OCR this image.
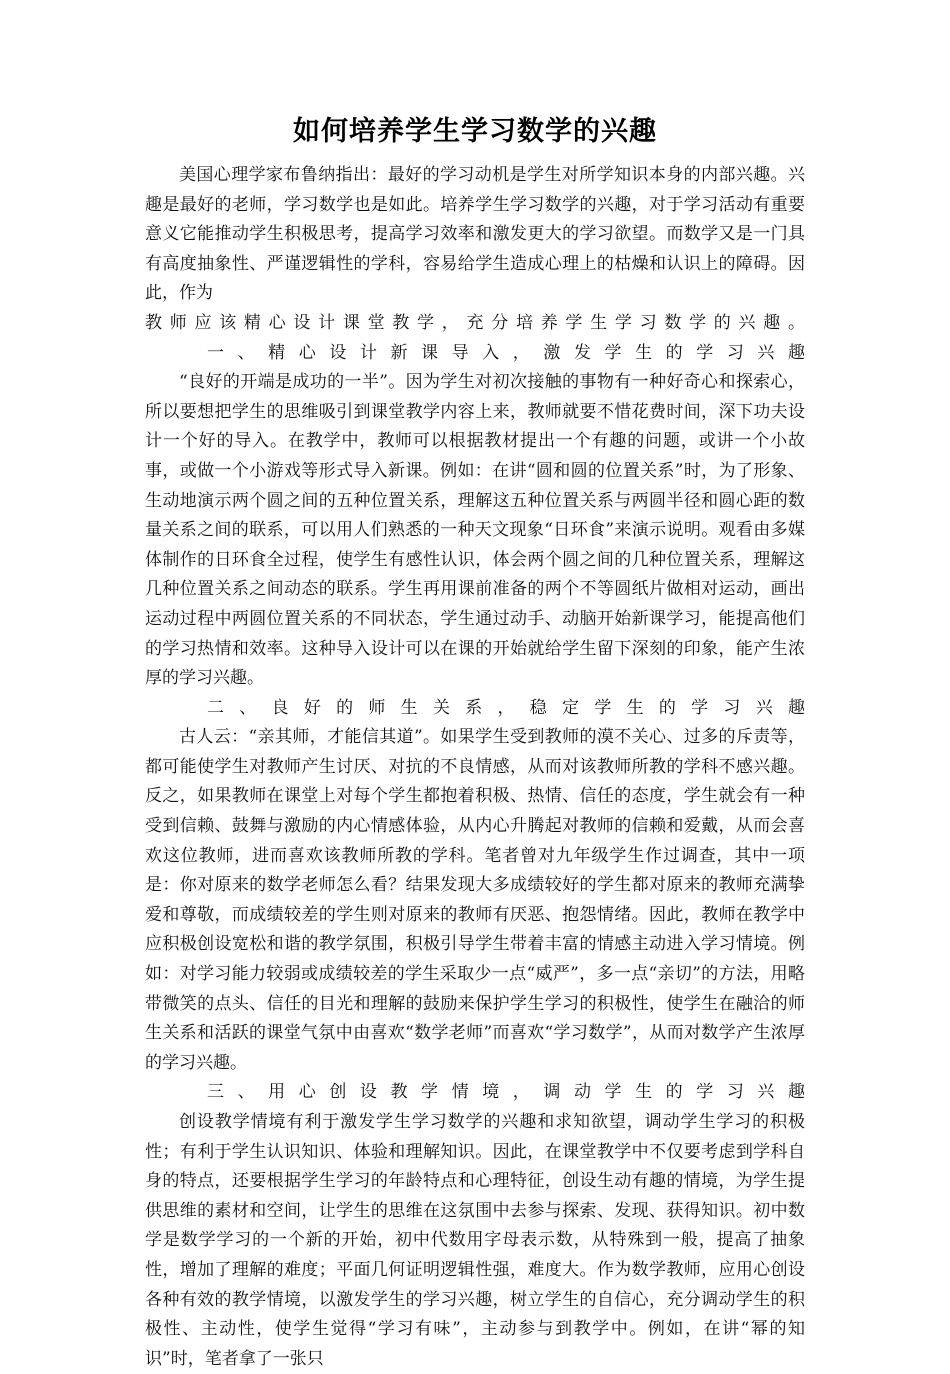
如何培养学生学习数学的兴趣

美国心理学家布鲁纳指出：最好的学习动机是学生对所学知识本身的内部兴趣。兴趣是最好的老师，学习数学也是如此。培养学生学习数学的兴趣，对于学习活动有重要意义它能推动学生积极思考，提高学习效率和激发更大的学习欲望。而数学又是一门具有高度抽象性、严谨逻辑性的学科，容易给学生造成心理上的枯燥和认识上的障碍。因此，作为

教 师 应 该 精 心 设 计 课 堂 教 学 ， 充 分 培 养 学 生 学 习 数 学 的 兴 趣 。
一 、 精 心 设 计 新 课 导 入 ， 激 发 学 生 的 学 习 兴 趣

“良好的开端是成功的一半”。因为学生对初次接触的事物有一种好奇心和探索心，所以要想把学生的思维吸引到课堂教学内容上来，教师就要不惜花费时间，深下功夫设计一个好的导入。在教学中，教师可以根据教材提出一个有趣的问题，或讲一个小故事，或做一个小游戏等形式导入新课。例如：在讲“圆和圆的位置关系”时，为了形象、生动地演示两个圆之间的五种位置关系，理解这五种位置关系与两圆半径和圆心距的数量关系之间的联系，可以用人们熟悉的一种天文现象“日环食”来演示说明。观看由多媒体制作的日环食全过程，使学生有感性认识，体会两个圆之间的几种位置关系，理解这几种位置关系之间动态的联系。学生再用课前准备的两个不等圆纸片做相对运动，画出运动过程中两圆位置关系的不同状态，学生通过动手、动脑开始新课学习，能提高他们的学习热情和效率。这种导入设计可以在课的开始就给学生留下深刻的印象，能产生浓厚的学习兴趣。

二 、 良 好 的 师 生 关 系 ， 稳 定 学 生 的 学 习 兴 趣

古人云：“亲其师，才能信其道”。如果学生受到教师的漠不关心、过多的斥责等，都可能使学生对教师产生讨厌、对抗的不良情感，从而对该教师所教的学科不感兴趣。反之，如果教师在课堂上对每个学生都抱着积极、热情、信任的态度，学生就会有一种受到信赖、鼓舞与激励的内心情感体验，从内心升腾起对教师的信赖和爱戴，从而会喜欢这位教师，进而喜欢该教师所教的学科。笔者曾对九年级学生作过调查，其中一项是：你对原来的数学老师怎么看？结果发现大多成绩较好的学生都对原来的教师充满挚爱和尊敬，而成绩较差的学生则对原来的教师有厌恶、抱怨情绪。因此，教师在教学中应积极创设宽松和谐的教学氛围，积极引导学生带着丰富的情感主动进入学习情境。例如：对学习能力较弱或成绩较差的学生采取少一点“威严”，多一点“亲切”的方法，用略带微笑的点头、信任的目光和理解的鼓励来保护学生学习的积极性，使学生在融洽的师生关系和活跃的课堂气氛中由喜欢“数学老师”而喜欢“学习数学”，从而对数学产生浓厚的学习兴趣。

三 、 用 心 创 设 教 学 情 境 ， 调 动 学 生 的 学 习 兴 趣

创设教学情境有利于激发学生学习数学的兴趣和求知欲望，调动学生学习的积极性；有利于学生认识知识、体验和理解知识。因此，在课堂教学中不仅要考虑到学科自身的特点，还要根据学生学习的年龄特点和心理特征，创设生动有趣的情境，为学生提供思维的素材和空间，让学生的思维在这氛围中去参与探索、发现、获得知识。初中数学是数学学习的一个新的开始，初中代数用字母表示数，从特殊到一般，提高了抽象性，增加了理解的难度；平面几何证明逻辑性强，难度大。作为数学教师，应用心创设各种有效的教学情境，以激发学生的学习兴趣，树立学生的自信心，充分调动学生的积极性、主动性，使学生觉得“学习有味”，主动参与到教学中。例如，在讲“幂的知识”时，笔者拿了一张只
